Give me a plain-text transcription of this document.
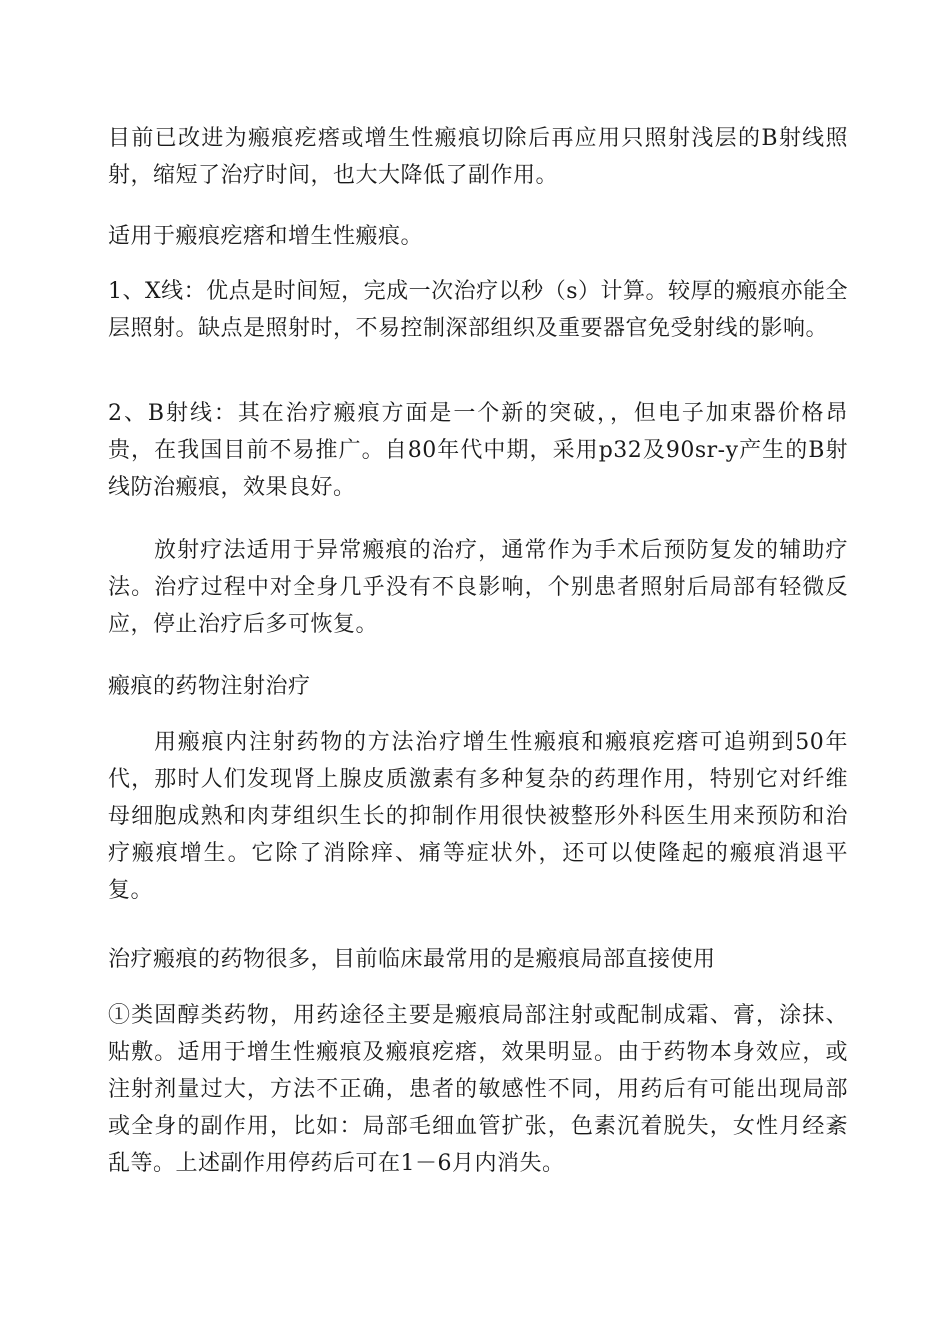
目前已改进为瘢痕疙瘩或增生性瘢痕切除后再应用只照射浅层的Β射线照射，缩短了治疗时间，也大大降低了副作用。

适用于瘢痕疙瘩和增生性瘢痕。

1、X线：优点是时间短，完成一次治疗以秒（s）计算。较厚的瘢痕亦能全层照射。缺点是照射时，不易控制深部组织及重要器官免受射线的影响。

2、Β射线：其在治疗瘢痕方面是一个新的突破，，但电子加束器价格昂贵，在我国目前不易推广。自80年代中期，采用p32及90sr-y产生的Β射线防治瘢痕，效果良好。

放射疗法适用于异常瘢痕的治疗，通常作为手术后预防复发的辅助疗法。治疗过程中对全身几乎没有不良影响，个别患者照射后局部有轻微反应，停止治疗后多可恢复。

瘢痕的药物注射治疗

用瘢痕内注射药物的方法治疗增生性瘢痕和瘢痕疙瘩可追朔到50年代，那时人们发现肾上腺皮质激素有多种复杂的药理作用，特别它对纤维母细胞成熟和肉芽组织生长的抑制作用很快被整形外科医生用来预防和治疗瘢痕增生。它除了消除痒、痛等症状外，还可以使隆起的瘢痕消退平复。

治疗瘢痕的药物很多，目前临床最常用的是瘢痕局部直接使用

①类固醇类药物，用药途径主要是瘢痕局部注射或配制成霜、膏，涂抹、贴敷。适用于增生性瘢痕及瘢痕疙瘩，效果明显。由于药物本身效应，或注射剂量过大，方法不正确，患者的敏感性不同，用药后有可能出现局部或全身的副作用，比如：局部毛细血管扩张，色素沉着脱失，女性月经紊乱等。上述副作用停药后可在1－6月内消失。
